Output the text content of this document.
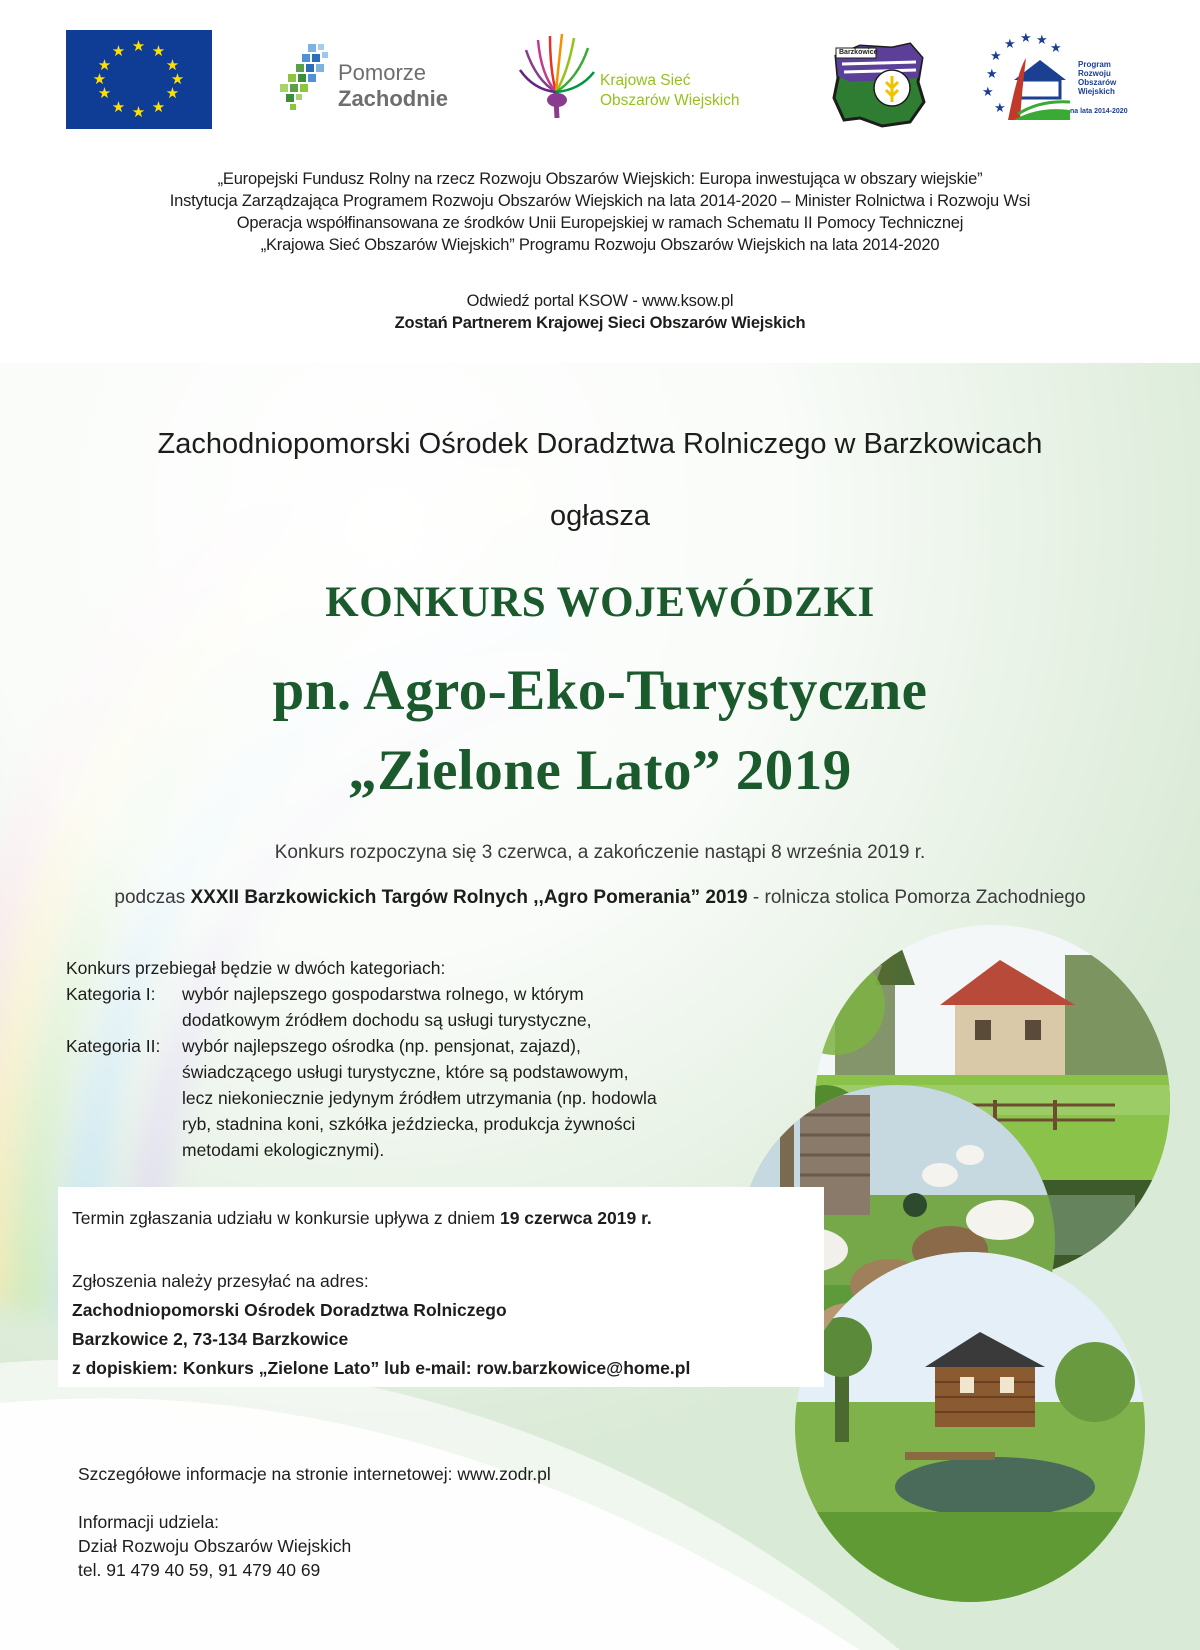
★ ★
★
★
★
★
★
★
★
★
★
★
Pomorze
Zachodnie
Krajowa Sieć
Obszarów Wiejskich
Barzkowice
★
★
★
★ ★ ★
★
★
Program
Rozwoju
Obszarów
Wiejskich
na lata 2014-2020
„Europejski Fundusz Rolny na rzecz Rozwoju Obszarów Wiejskich: Europa inwestująca w obszary wiejskie”
Instytucja Zarządzająca Programem Rozwoju Obszarów Wiejskich na lata 2014-2020 – Minister Rolnictwa i Rozwoju Wsi
Operacja współfinansowana ze środków Unii Europejskiej w ramach Schematu II Pomocy Technicznej
„Krajowa Sieć Obszarów Wiejskich” Programu Rozwoju Obszarów Wiejskich na lata 2014-2020
Odwiedź portal KSOW - www.ksow.pl
Zostań Partnerem Krajowej Sieci Obszarów Wiejskich
Zachodniopomorski Ośrodek Doradztwa Rolniczego w Barzkowicach
ogłasza
KONKURS WOJEWÓDZKI
pn. Agro-Eko-Turystyczne
„Zielone Lato” 2019
Konkurs rozpoczyna się 3 czerwca, a zakończenie nastąpi 8 września 2019 r.
podczas XXXII Barzkowickich Targów Rolnych ,,Agro Pomerania” 2019 - rolnicza stolica Pomorza Zachodniego
Konkurs przebiegał będzie w dwóch kategoriach:
Kategoria I:	wybór najlepszego gospodarstwa rolnego, w którym
dodatkowym źródłem dochodu są usługi turystyczne,
Kategoria II:	wybór najlepszego ośrodka (np. pensjonat, zajazd),
świadczącego usługi turystyczne, które są podstawowym,
lecz niekoniecznie jedynym źródłem utrzymania (np. hodowla
ryb, stadnina koni, szkółka jeździecka, produkcja żywności
metodami ekologicznymi).
Termin zgłaszania udziału w konkursie upływa z dniem 19 czerwca 2019 r.
Zgłoszenia należy przesyłać na adres:
Zachodniopomorski Ośrodek Doradztwa Rolniczego
Barzkowice 2, 73-134 Barzkowice
z dopiskiem: Konkurs „Zielone Lato” lub e-mail: row.barzkowice@home.pl
Szczegółowe informacje na stronie internetowej: www.zodr.pl
Informacji udziela:
Dział Rozwoju Obszarów Wiejskich
tel. 91 479 40 59, 91 479 40 69
